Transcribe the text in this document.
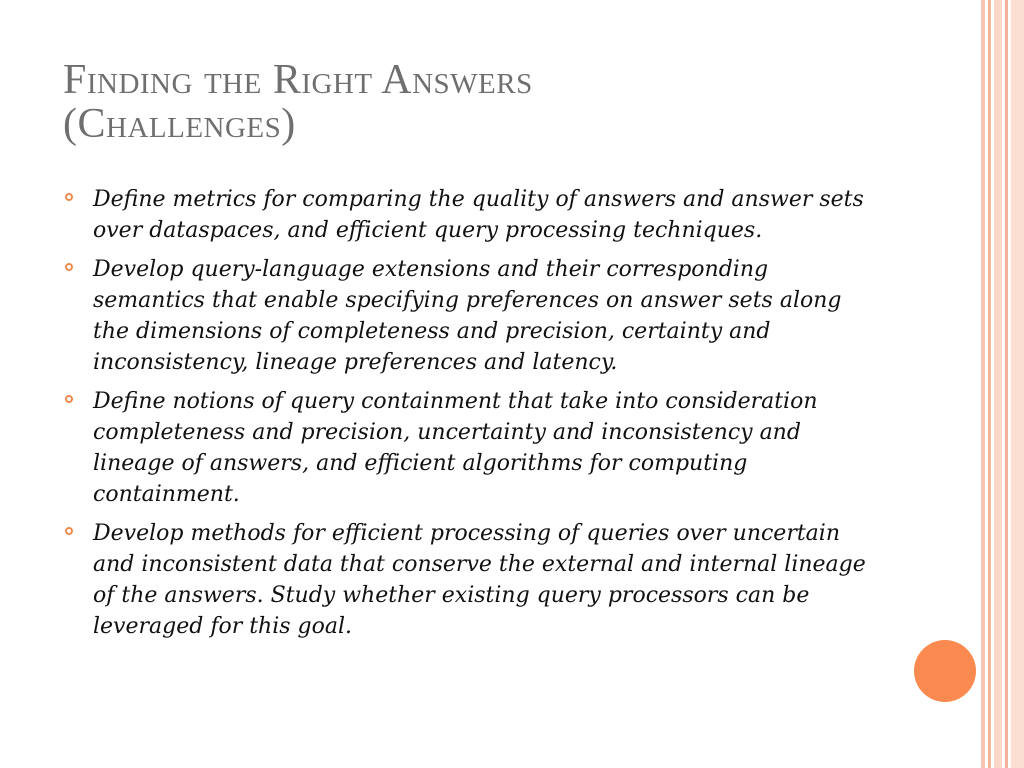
Finding the Right Answers
(Challenges)
Define metrics for comparing the quality of answers and answer sets over dataspaces, and efficient query processing techniques.
Develop query-language extensions and their corresponding semantics that enable specifying preferences on answer sets along the dimensions of completeness and precision, certainty and inconsistency, lineage preferences and latency.
Define notions of query containment that take into consideration completeness and precision, uncertainty and inconsistency and lineage of answers, and efficient algorithms for computing containment.
Develop methods for efficient processing of queries over uncertain and inconsistent data that conserve the external and internal lineage of the answers. Study whether existing query processors can be leveraged for this goal.
